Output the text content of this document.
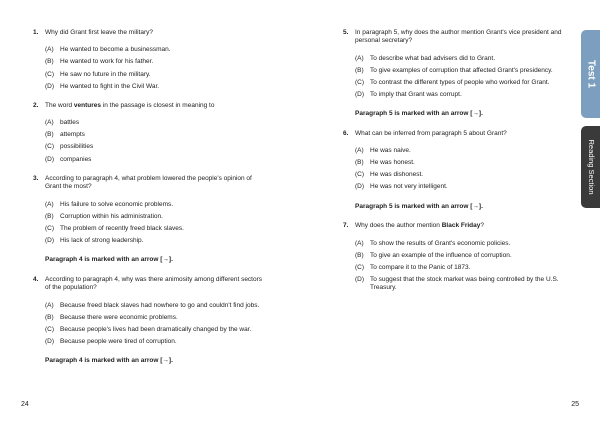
1.	Why did Grant first leave the military?
(A) He wanted to become a businessman.
(B) He wanted to work for his father.
(C) He saw no future in the military.
(D) He wanted to fight in the Civil War.
2.	The word ventures in the passage is closest in meaning to
(A) battles
(B) attempts
(C) possibilities
(D) companies
3.	According to paragraph 4, what problem lowered the people's opinion of Grant the most?
(A) His failure to solve economic problems.
(B) Corruption within his administration.
(C) The problem of recently freed black slaves.
(D) His lack of strong leadership.
Paragraph 4 is marked with an arrow [→].
4.	According to paragraph 4, why was there animosity among different sectors of the population?
(A) Because freed black slaves had nowhere to go and couldn't find jobs.
(B) Because there were economic problems.
(C) Because people's lives had been dramatically changed by the war.
(D) Because people were tired of corruption.
Paragraph 4 is marked with an arrow [→].
24
5.	In paragraph 5, why does the author mention Grant's vice president and personal secretary?
(A) To describe what bad advisers did to Grant.
(B) To give examples of corruption that affected Grant's presidency.
(C) To contrast the different types of people who worked for Grant.
(D) To imply that Grant was corrupt.
Paragraph 5 is marked with an arrow [→].
6.	What can be inferred from paragraph 5 about Grant?
(A) He was naive.
(B) He was honest.
(C) He was dishonest.
(D) He was not very intelligent.
Paragraph 5 is marked with an arrow [→].
7.	Why does the author mention Black Friday?
(A) To show the results of Grant's economic policies.
(B) To give an example of the influence of corruption.
(C) To compare it to the Panic of 1873.
(D) To suggest that the stock market was being controlled by the U.S. Treasury.
Test 1
Reading Section
25
